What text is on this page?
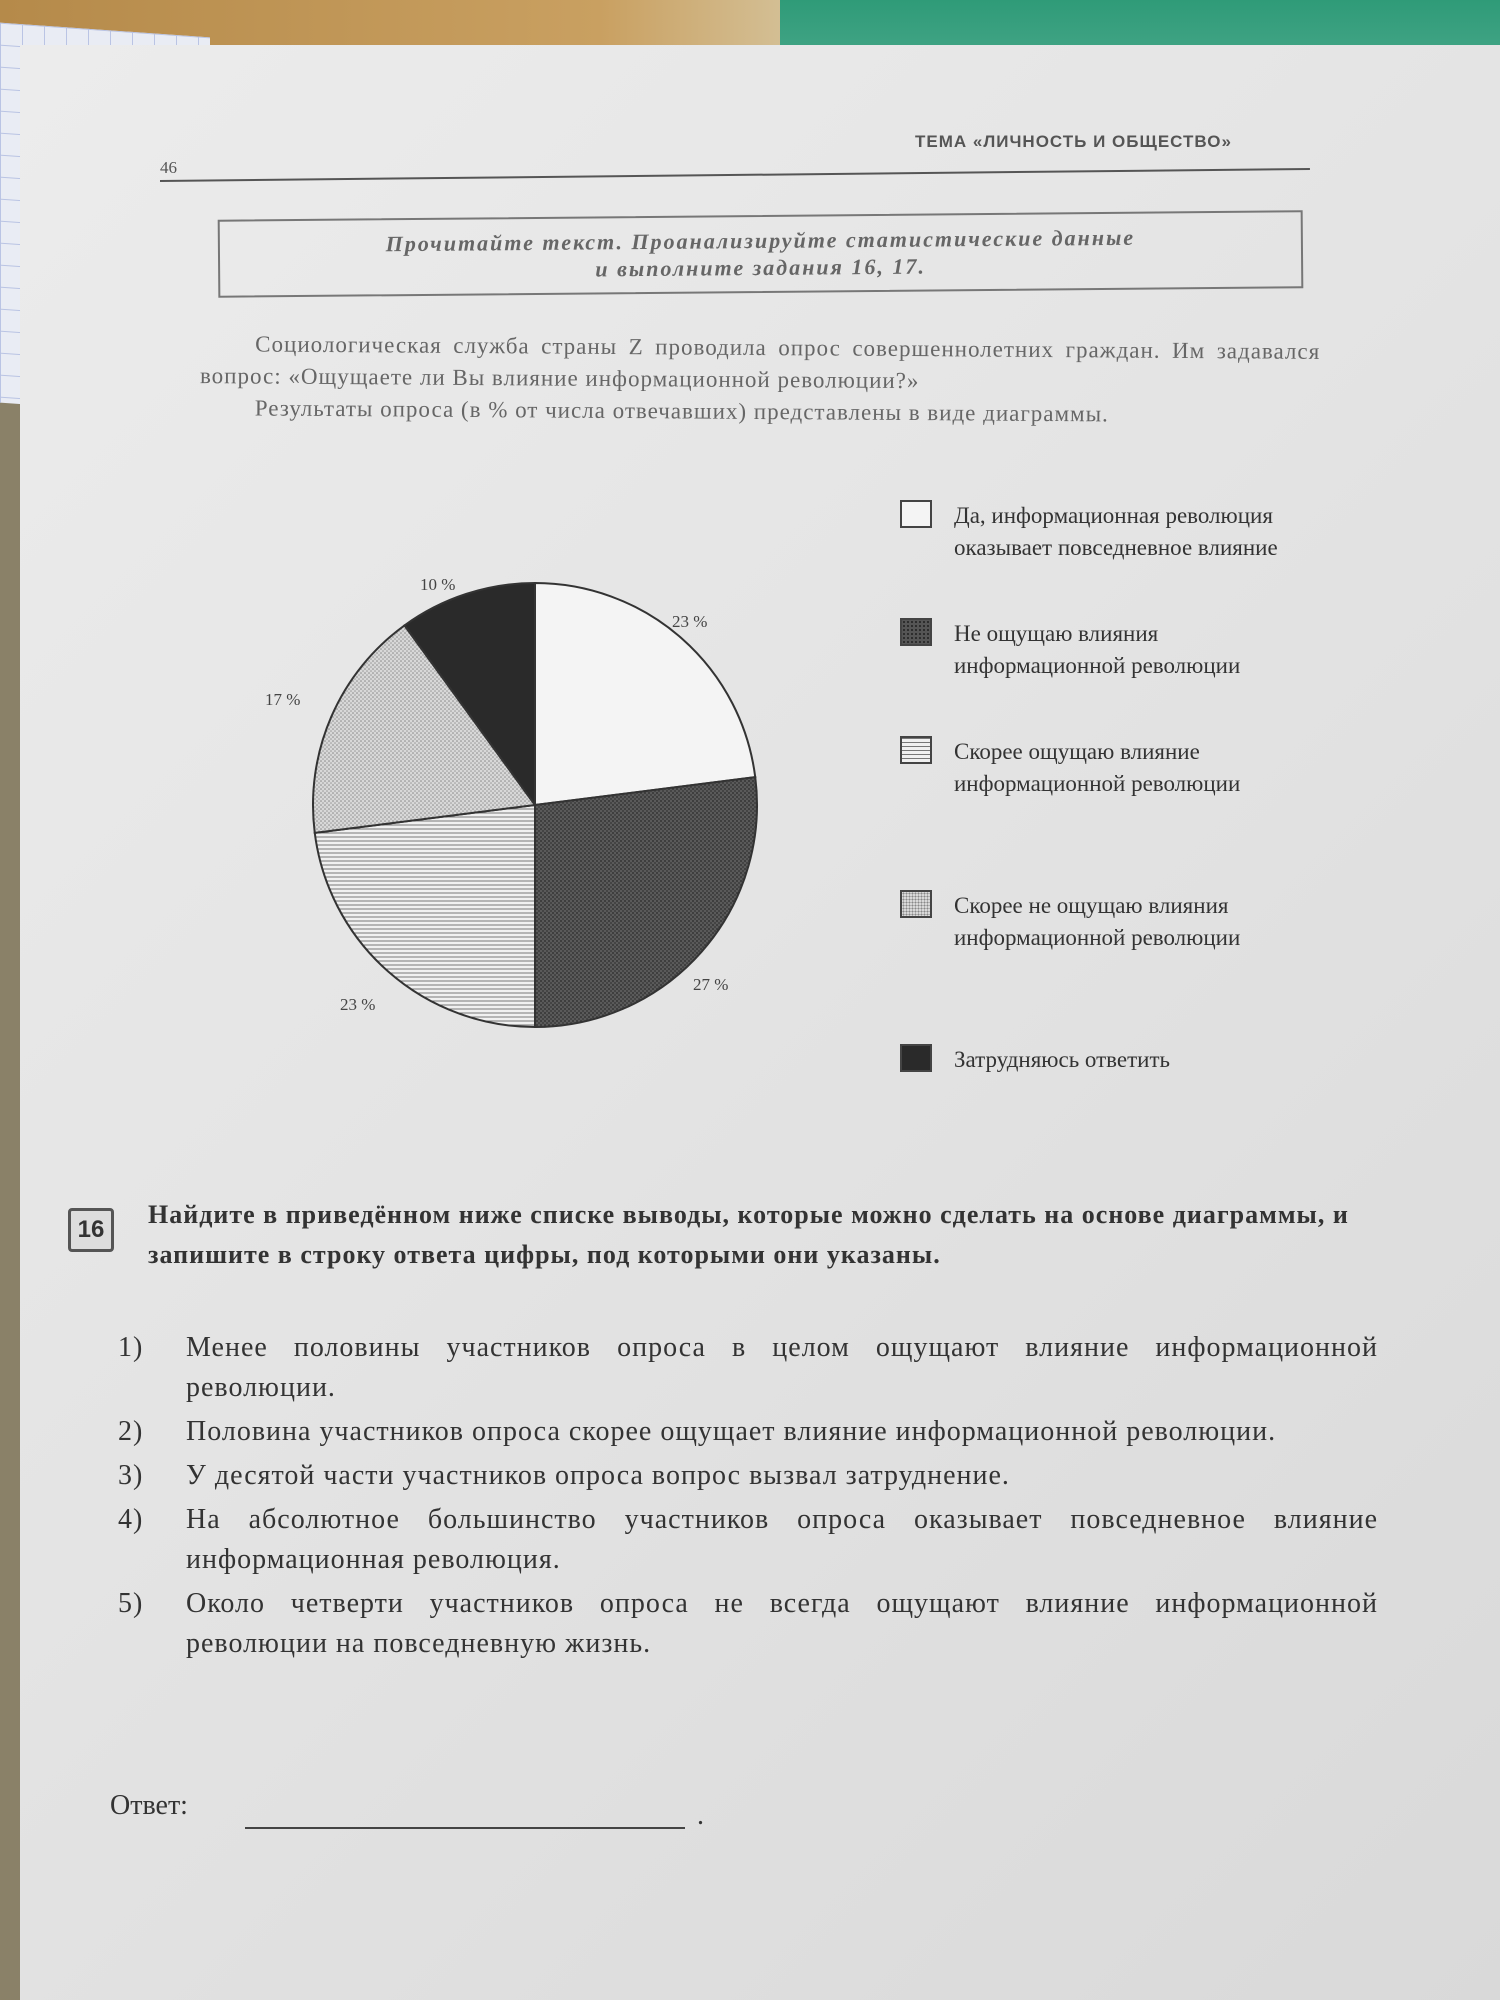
46
ТЕМА «ЛИЧНОСТЬ И ОБЩЕСТВО»
Прочитайте текст. Проанализируйте статистические данные
и выполните задания 16, 17.

Социологическая служба страны Z проводила опрос совершеннолетних граждан. Им задавался вопрос: «Ощущаете ли Вы влияние информационной революции?»

Результаты опроса (в % от числа отвечавших) представлены в виде диаграммы.

23 %
27 %
23 %
17 %
10 %
Да, информационная революция оказывает повседневное влияние
Не ощущаю влияния информационной революции
Скорее ощущаю влияние информационной революции
Скорее не ощущаю влияния информационной революции
Затрудняюсь ответить
16
Найдите в приведённом ниже списке выводы, которые можно сделать на основе диаграммы, и запишите в строку ответа цифры, под которыми они указаны.
1)	Менее половины участников опроса в целом ощущают влияние информационной революции.
2)	Половина участников опроса скорее ощущает влияние информационной революции.
3)	У десятой части участников опроса вопрос вызвал затруднение.
4)	На абсолютное большинство участников опроса оказывает повседневное влияние информационная революция.
5)	Около четверти участников опроса не всегда ощущают влияние информационной революции на повседневную жизнь.
Ответ:	.
